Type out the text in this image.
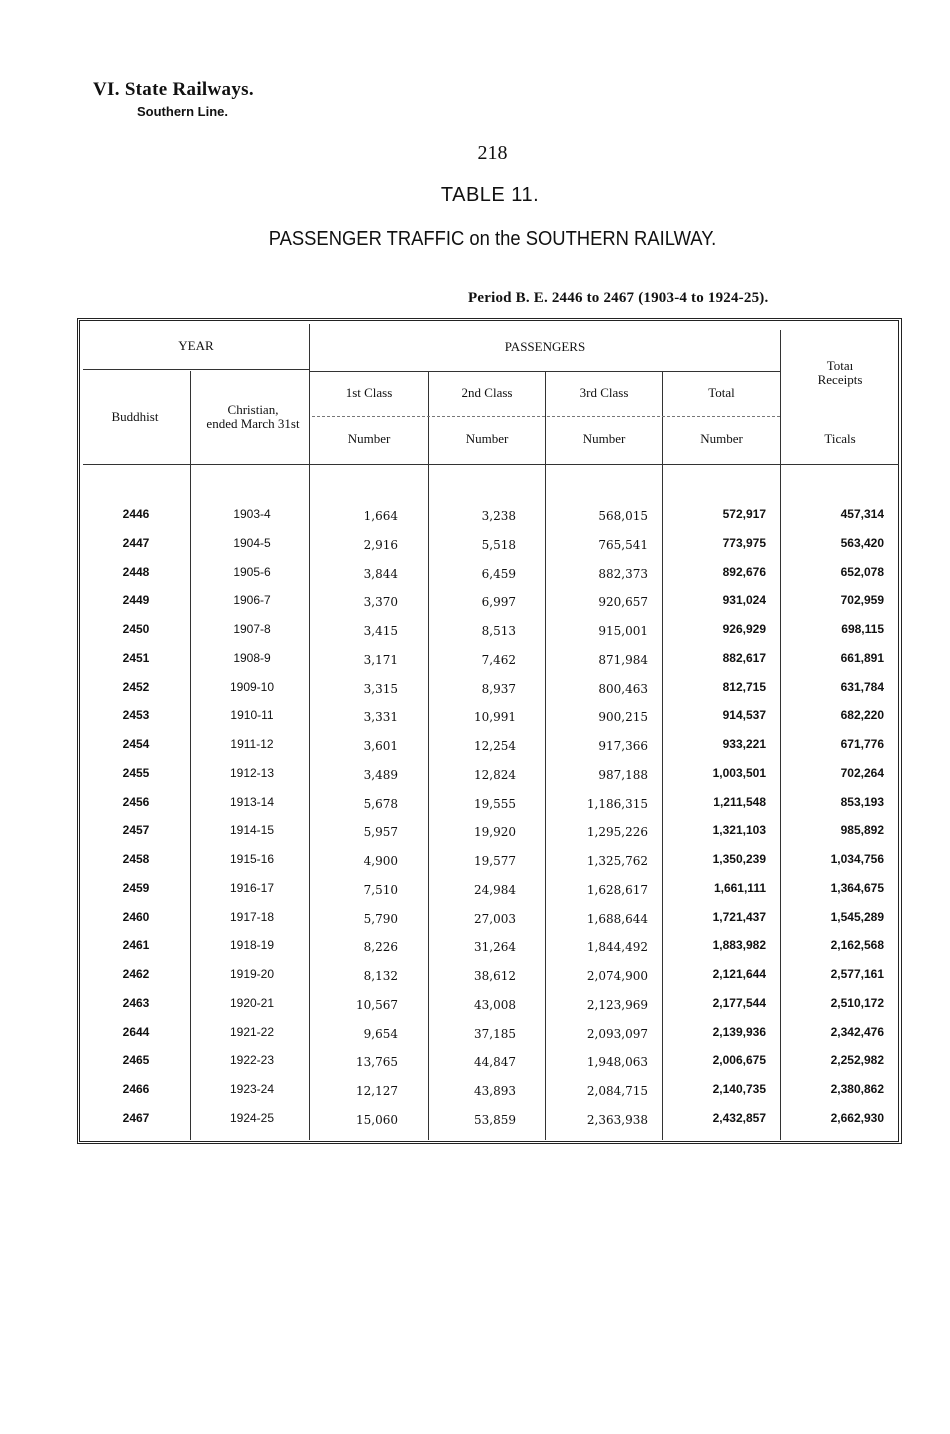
VI. State Railways.
Southern Line.
218
TABLE 11.
PASSENGER TRAFFIC on the SOUTHERN RAILWAY.
Period B. E. 2446 to 2467 (1903-4 to 1924-25).
YEAR	PASSENGERS
Buddhist	Christian,
ended March 31st
1st Class	2nd Class	3rd Class	Total
Totaı
Receipts
Number	Number	Number	Number	Ticals
2446	1903-4	1,664	3,238	568,015	572,917	457,314
2447	1904-5	2,916	5,518	765,541	773,975	563,420
2448	1905-6	3,844	6,459	882,373	892,676	652,078
2449	1906-7	3,370	6,997	920,657	931,024	702,959
2450	1907-8	3,415	8,513	915,001	926,929	698,115
2451	1908-9	3,171	7,462	871,984	882,617	661,891
2452	1909-10	3,315	8,937	800,463	812,715	631,784
2453	1910-11	3,331	10,991	900,215	914,537	682,220
2454	1911-12	3,601	12,254	917,366	933,221	671,776
2455	1912-13	3,489	12,824	987,188	1,003,501	702,264
2456	1913-14	5,678	19,555	1,186,315	1,211,548	853,193
2457	1914-15	5,957	19,920	1,295,226	1,321,103	985,892
2458	1915-16	4,900	19,577	1,325,762	1,350,239	1,034,756
2459	1916-17	7,510	24,984	1,628,617	1,661,111	1,364,675
2460	1917-18	5,790	27,003	1,688,644	1,721,437	1,545,289
2461	1918-19	8,226	31,264	1,844,492	1,883,982	2,162,568
2462	1919-20	8,132	38,612	2,074,900	2,121,644	2,577,161
2463	1920-21	10,567	43,008	2,123,969	2,177,544	2,510,172
2644	1921-22	9,654	37,185	2,093,097	2,139,936	2,342,476
2465	1922-23	13,765	44,847	1,948,063	2,006,675	2,252,982
2466	1923-24	12,127	43,893	2,084,715	2,140,735	2,380,862
2467	1924-25	15,060	53,859	2,363,938	2,432,857	2,662,930
